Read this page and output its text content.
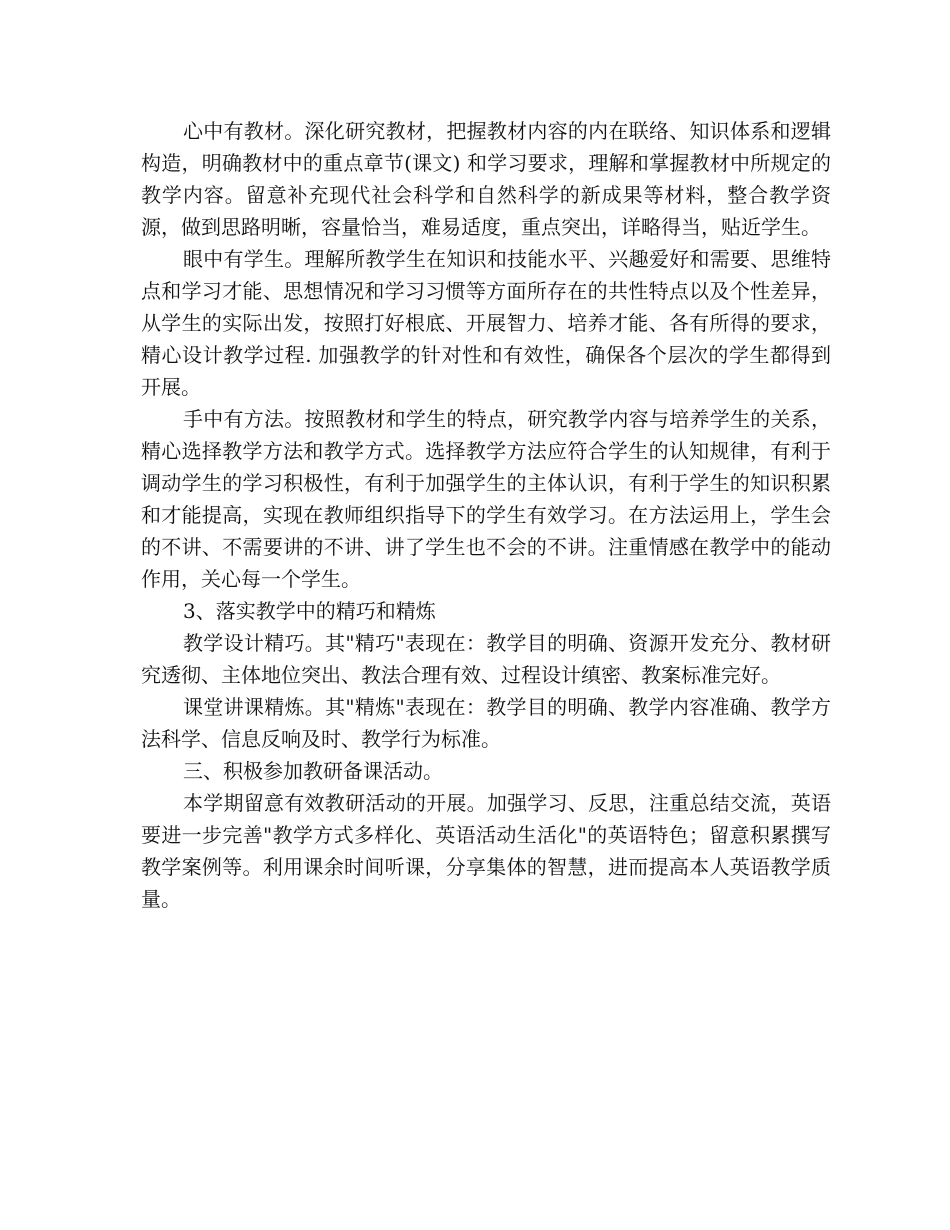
心中有教材。深化研究教材，把握教材内容的内在联络、知识体系和逻辑构造，明确教材中的重点章节(课文) 和学习要求，理解和掌握教材中所规定的教学内容。留意补充现代社会科学和自然科学的新成果等材料，整合教学资源，做到思路明晰，容量恰当，难易适度，重点突出，详略得当，贴近学生。

眼中有学生。理解所教学生在知识和技能水平、兴趣爱好和需要、思维特点和学习才能、思想情况和学习习惯等方面所存在的共性特点以及个性差异，从学生的实际出发，按照打好根底、开展智力、培养才能、各有所得的要求，精心设计教学过程. 加强教学的针对性和有效性，确保各个层次的学生都得到开展。

手中有方法。按照教材和学生的特点，研究教学内容与培养学生的关系，精心选择教学方法和教学方式。选择教学方法应符合学生的认知规律，有利于调动学生的学习积极性，有利于加强学生的主体认识，有利于学生的知识积累和才能提高，实现在教师组织指导下的学生有效学习。在方法运用上，学生会的不讲、不需要讲的不讲、讲了学生也不会的不讲。注重情感在教学中的能动作用，关心每一个学生。

3、落实教学中的精巧和精炼

教学设计精巧。其"精巧"表现在：教学目的明确、资源开发充分、教材研究透彻、主体地位突出、教法合理有效、过程设计缜密、教案标准完好。

课堂讲课精炼。其"精炼"表现在：教学目的明确、教学内容准确、教学方法科学、信息反响及时、教学行为标准。

三、积极参加教研备课活动。

本学期留意有效教研活动的开展。加强学习、反思，注重总结交流，英语要进一步完善"教学方式多样化、英语活动生活化"的英语特色；留意积累撰写教学案例等。利用课余时间听课，分享集体的智慧，进而提高本人英语教学质量。
